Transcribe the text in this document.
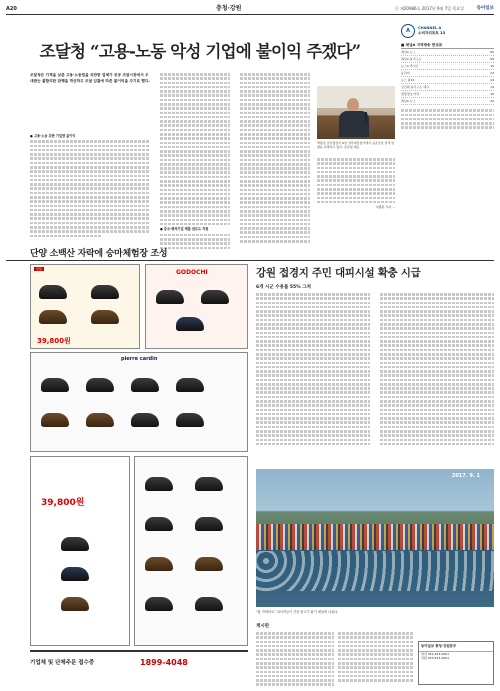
A20	충청·강원	ⓔ 제20986호 2017년 9월 7일 목요일	동아일보
조달청 “고용-노동 악성 기업에 불이익 주겠다”
조달청은 가격을 낮춘 고용·노동법을 위반한 업체가 공공 조달시장에서 우대받는 불합리한 관행을 개선하고 조달 입찰에 따른 불이익을 주기로 했다.
● 고용·노동 위반 기업엔 불이익
● 중소·벤처기업 제품 판로도 지원
박춘섭 조달청장이 6일 정부대전청사에서 공공조달 정책 방향을 설명하고 있다. 조달청 제공
이종훈 기자 ...
A	CHANNEL A
소비자리포트 13
■ 채널A 지역방송 편성표
채널A 뉴스	06
채널A 돌직구쇼	08
뉴스A 라이브	16
동치미	23
뉴스 톱10	10
김진의 돌직구쇼 예고	14
생생정보 마당	18
채널A 뉴스	20
신상
39,800원
GODOCHI
pierre cardin
39,800원
기업체 및 단체주문 접수중	1899-4048
강원 접경지 주민 대피시설 확충 시급
6개 시군 수용률 55% 그쳐
2017. 9. 1
“잡 자바라요” 피서객들이 가을 물고기 잡기 체험에 나섰다.
게시판
동아일보 충청·강원본부

대전 042-253-0001

강원 033-253-2001

단양 소백산 자락에 숭마체험장 조성
